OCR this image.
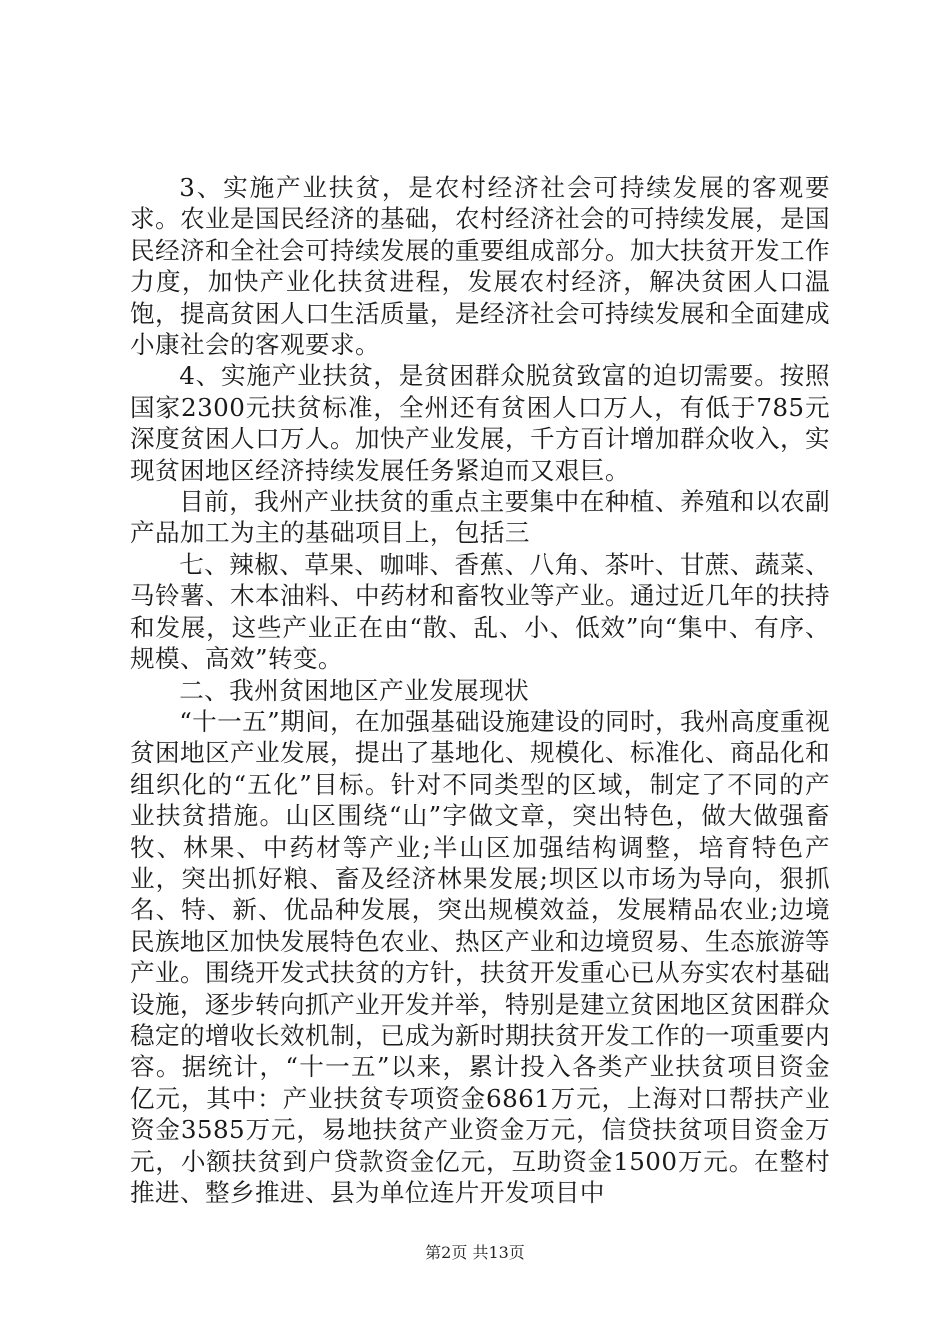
3、实施产业扶贫，是农村经济社会可持续发展的客观要求。农业是国民经济的基础，农村经济社会的可持续发展，是国民经济和全社会可持续发展的重要组成部分。加大扶贫开发工作力度，加快产业化扶贫进程，发展农村经济，解决贫困人口温饱，提高贫困人口生活质量，是经济社会可持续发展和全面建成小康社会的客观要求。

4、实施产业扶贫，是贫困群众脱贫致富的迫切需要。按照国家2300元扶贫标准，全州还有贫困人口万人，有低于785元深度贫困人口万人。加快产业发展，千方百计增加群众收入，实现贫困地区经济持续发展任务紧迫而又艰巨。

目前，我州产业扶贫的重点主要集中在种植、养殖和以农副产品加工为主的基础项目上，包括三

七、辣椒、草果、咖啡、香蕉、八角、茶叶、甘蔗、蔬菜、马铃薯、木本油料、中药材和畜牧业等产业。通过近几年的扶持和发展，这些产业正在由“散、乱、小、低效”向“集中、有序、规模、高效”转变。

二、我州贫困地区产业发展现状

“十一五”期间，在加强基础设施建设的同时，我州高度重视贫困地区产业发展，提出了基地化、规模化、标准化、商品化和组织化的“五化”目标。针对不同类型的区域，制定了不同的产业扶贫措施。山区围绕“山”字做文章，突出特色，做大做强畜牧、林果、中药材等产业;半山区加强结构调整，培育特色产业，突出抓好粮、畜及经济林果发展;坝区以市场为导向，狠抓名、特、新、优品种发展，突出规模效益，发展精品农业;边境民族地区加快发展特色农业、热区产业和边境贸易、生态旅游等产业。围绕开发式扶贫的方针，扶贫开发重心已从夯实农村基础设施，逐步转向抓产业开发并举，特别是建立贫困地区贫困群众稳定的增收长效机制，已成为新时期扶贫开发工作的一项重要内容。据统计，“十一五”以来，累计投入各类产业扶贫项目资金亿元，其中：产业扶贫专项资金6861万元，上海对口帮扶产业资金3585万元，易地扶贫产业资金万元，信贷扶贫项目资金万元，小额扶贫到户贷款资金亿元，互助资金1500万元。在整村推进、整乡推进、县为单位连片开发项目中

第2页 共13页
